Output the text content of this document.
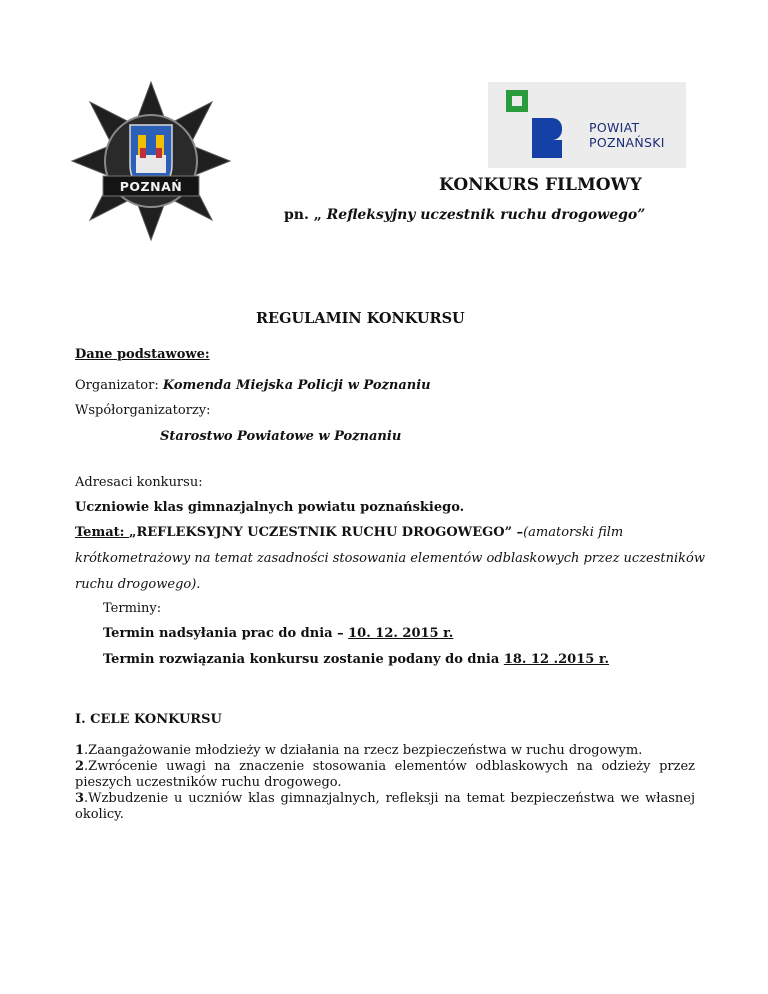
POZNAŃ
POWIAT
POZNAŃSKI
KONKURS FILMOWY
pn. „ Refleksyjny uczestnik ruchu drogowego”
REGULAMIN KONKURSU
Dane podstawowe:
Organizator: Komenda Miejska Policji w Poznaniu
Współorganizatorzy:
Starostwo Powiatowe w Poznaniu
Adresaci konkursu:
Uczniowie klas gimnazjalnych powiatu poznańskiego.
Temat: „REFLEKSYJNY UCZESTNIK RUCHU DROGOWEGO” –(amatorski film
krótkometrażowy na temat zasadności stosowania elementów odblaskowych przez uczestników
ruchu drogowego).
Terminy:
Termin nadsyłania prac do dnia – 10. 12. 2015 r.
Termin rozwiązania konkursu zostanie podany do dnia 18. 12 .2015 r.
I. CELE KONKURSU
1.Zaangażowanie młodzieży w działania na rzecz bezpieczeństwa w ruchu drogowym.
2.Zwrócenie uwagi na znaczenie stosowania elementów odblaskowych na odzieży przez pieszych uczestników ruchu drogowego.
3.Wzbudzenie u uczniów klas gimnazjalnych, refleksji na temat bezpieczeństwa we własnej okolicy.
